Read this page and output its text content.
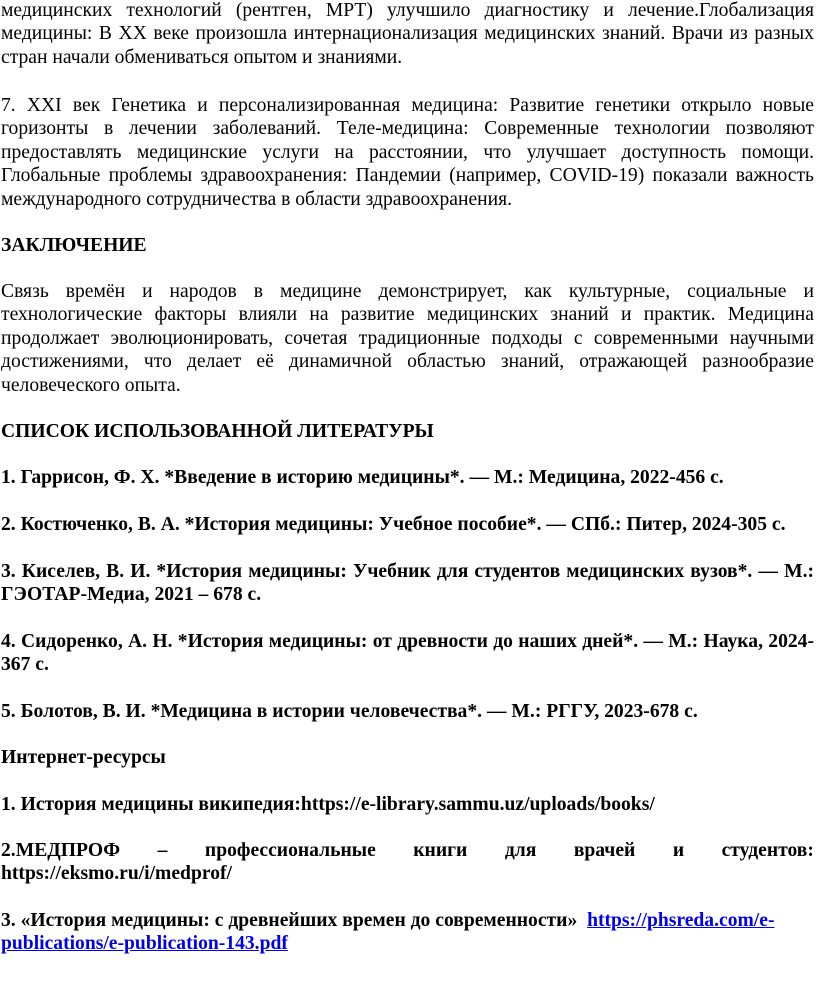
медицинских технологий (рентген, МРТ) улучшило диагностику и лечение.Глобализация медицины: В XX веке произошла интернационализация медицинских знаний. Врачи из разных стран начали обмениваться опытом и знаниями.

7. XXI век Генетика и персонализированная медицина: Развитие генетики открыло новые горизонты в лечении заболеваний. Теле-медицина: Современные технологии позволяют предоставлять медицинские услуги на расстоянии, что улучшает доступность помощи. Глобальные проблемы здравоохранения: Пандемии (например, COVID-19) показали важность международного сотрудничества в области здравоохранения.

ЗАКЛЮЧЕНИЕ

Связь времён и народов в медицине демонстрирует, как культурные, социальные и технологические факторы влияли на развитие медицинских знаний и практик. Медицина продолжает эволюционировать, сочетая традиционные подходы с современными научными достижениями, что делает её динамичной областью знаний, отражающей разнообразие человеческого опыта.

СПИСОК ИСПОЛЬЗОВАННОЙ ЛИТЕРАТУРЫ

1. Гаррисон, Ф. Х. *Введение в историю медицины*. — М.: Медицина, 2022-456 с.

2. Костюченко, В. А. *История медицины: Учебное пособие*. — СПб.: Питер, 2024-305 с.

3. Киселев, В. И. *История медицины: Учебник для студентов медицинских вузов*. — М.: ГЭОТАР-Медиа, 2021 – 678 с.

4. Сидоренко, А. Н. *История медицины: от древности до наших дней*. — М.: Наука, 2024-367 с.

5. Болотов, В. И. *Медицина в истории человечества*. — М.: РГГУ, 2023-678 с.

Интернет-ресурсы

1. История медицины википедия:https://e-library.sammu.uz/uploads/books/

2.МЕДПРОФ – профессиональные книги для врачей и студентов:
https://eksmo.ru/i/medprof/

3. «История медицины: с древнейших времен до современности» https://phsreda.com/e-publications/e-publication-143.pdf
